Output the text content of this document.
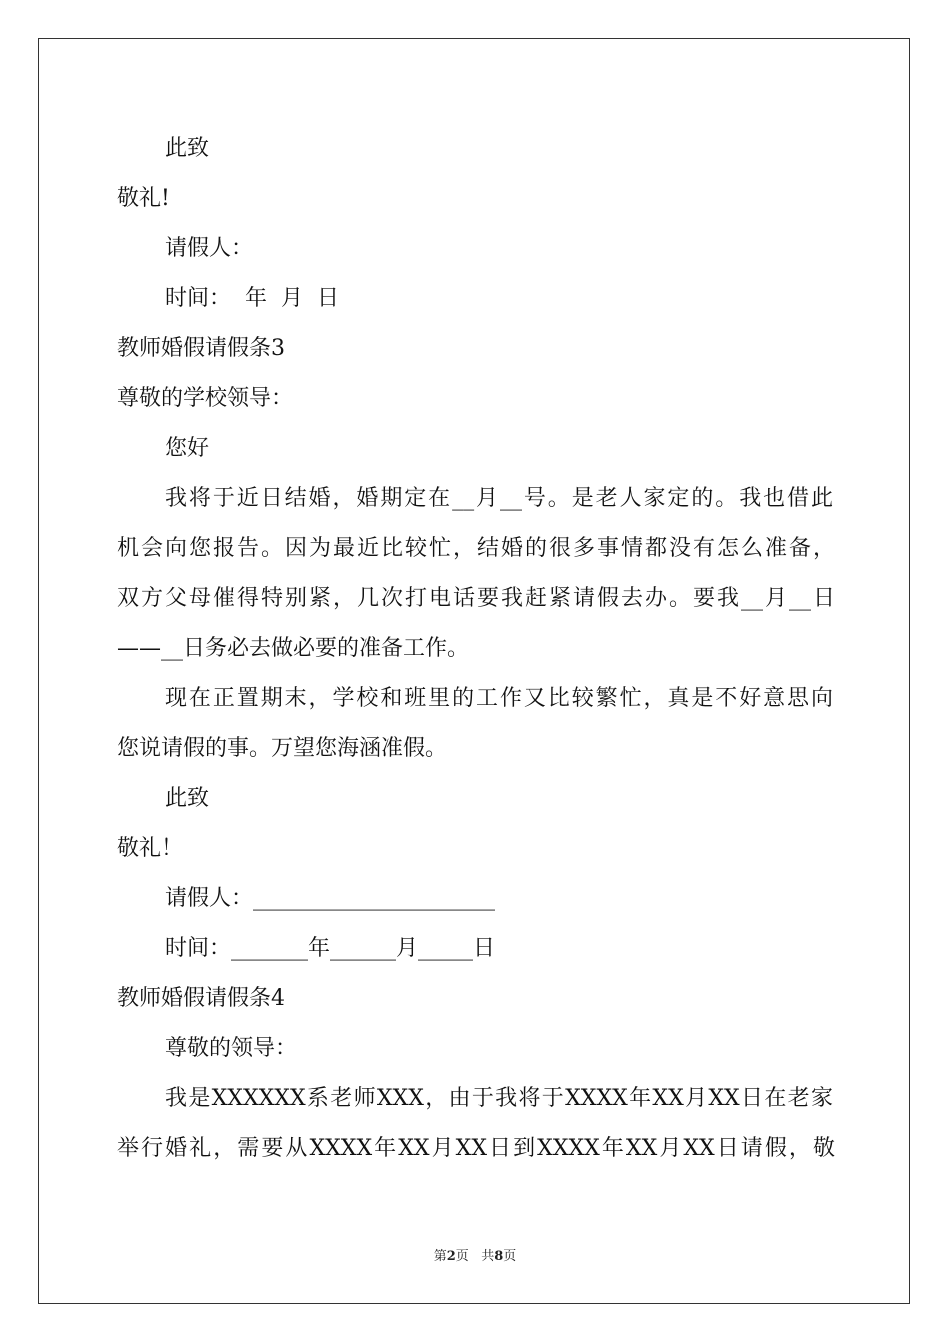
此致
敬礼!
请假人：
时间：  年  月  日
教师婚假请假条3
尊敬的学校领导：
您好
我将于近日结婚，婚期定在__月__号。是老人家定的。我也借此
机会向您报告。因为最近比较忙，结婚的很多事情都没有怎么准备，
双方父母催得特别紧，几次打电话要我赶紧请假去办。要我__月__日
——__日务必去做必要的准备工作。
现在正置期末，学校和班里的工作又比较繁忙，真是不好意思向
您说请假的事。万望您海涵准假。
此致
敬礼！
请假人：______________________
时间：_______年______月_____日
教师婚假请假条4
尊敬的领导：
我是XXXXXX系老师XXX，由于我将于XXXX年XX月XX日在老家
举行婚礼，需要从XXXX年XX月XX日到XXXX年XX月XX日请假，敬
第2页   共8页
